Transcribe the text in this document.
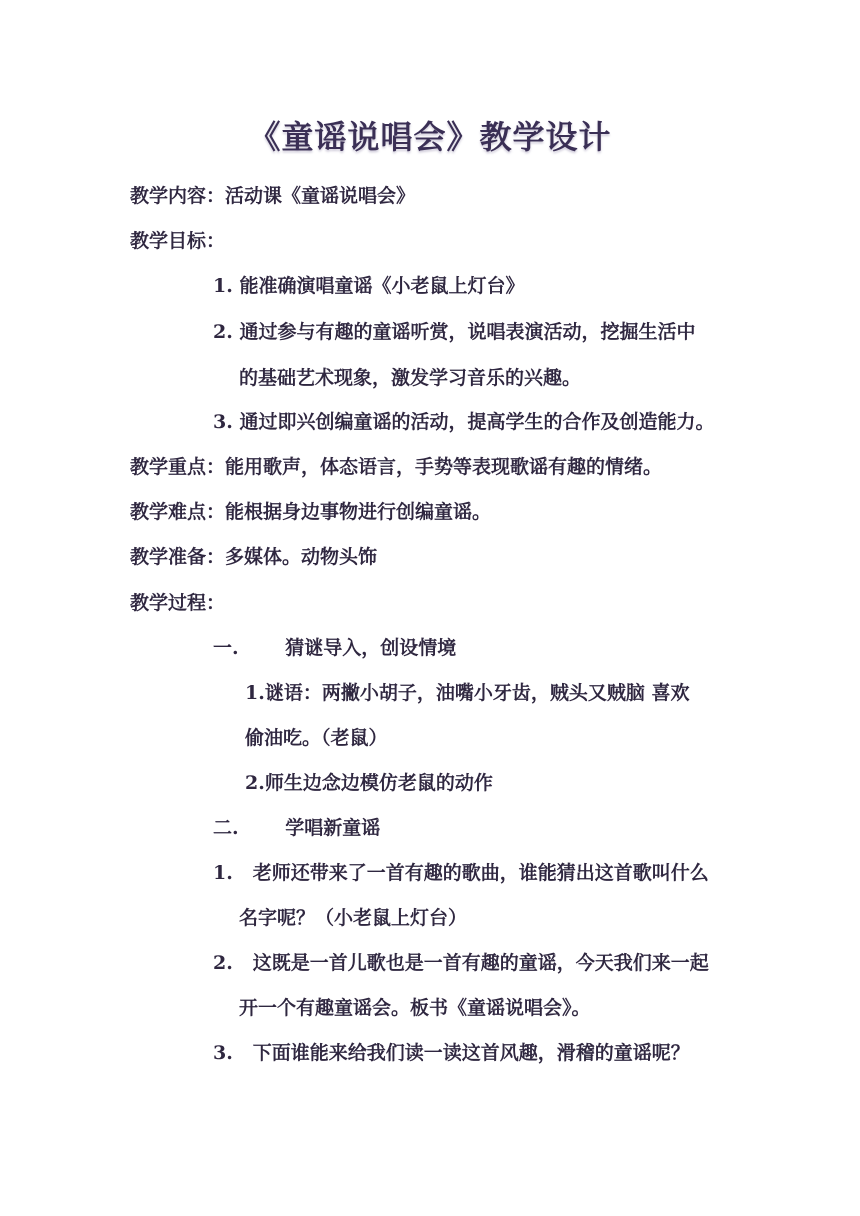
《童谣说唱会》教学设计
教学内容：活动课《童谣说唱会》
教学目标：
1. 能准确演唱童谣《小老鼠上灯台》
2. 通过参与有趣的童谣听赏，说唱表演活动，挖掘生活中
的基础艺术现象，激发学习音乐的兴趣。
3. 通过即兴创编童谣的活动，提高学生的合作及创造能力。
教学重点：能用歌声，体态语言，手势等表现歌谣有趣的情绪。
教学难点：能根据身边事物进行创编童谣。
教学准备：多媒体。动物头饰
教学过程：
一. 猜谜导入，创设情境
1.谜语：两撇小胡子，油嘴小牙齿，贼头又贼脑 喜欢
偷油吃。（老鼠）
2.师生边念边模仿老鼠的动作
二. 学唱新童谣
1. 老师还带来了一首有趣的歌曲，谁能猜出这首歌叫什么
名字呢？（小老鼠上灯台）
2. 这既是一首儿歌也是一首有趣的童谣，今天我们来一起
开一个有趣童谣会。板书《童谣说唱会》。
3. 下面谁能来给我们读一读这首风趣，滑稽的童谣呢？
